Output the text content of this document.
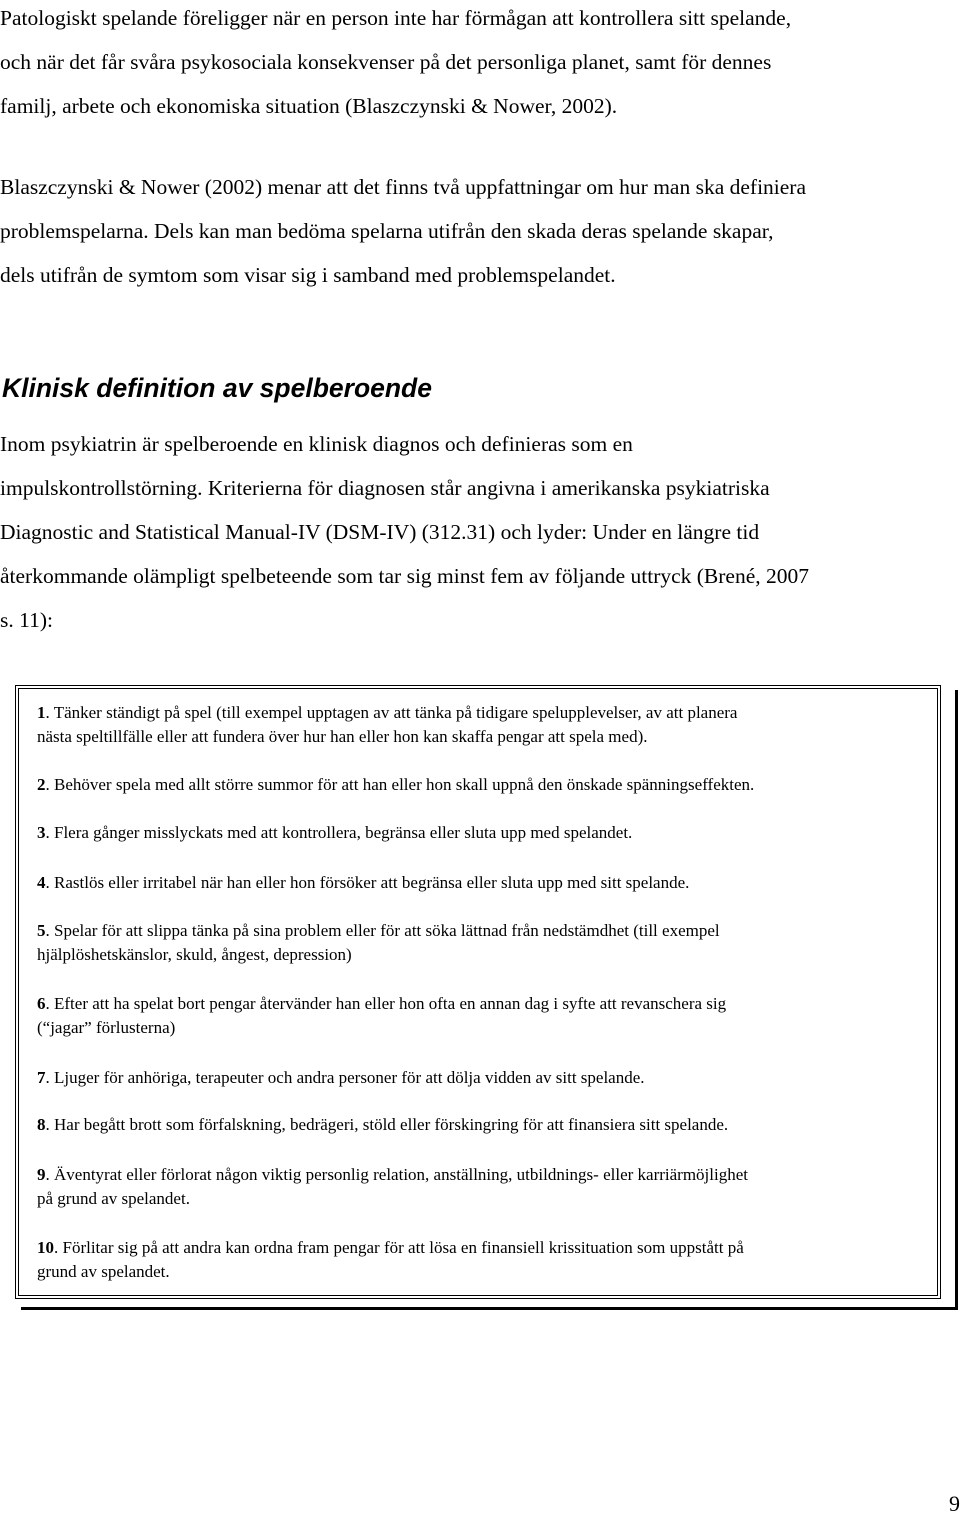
Patologiskt spelande föreligger när en person inte har förmågan att kontrollera sitt spelande,
och när det får svåra psykosociala konsekvenser på det personliga planet, samt för dennes
familj, arbete och ekonomiska situation (Blaszczynski & Nower, 2002).

Blaszczynski & Nower (2002) menar att det finns två uppfattningar om hur man ska definiera
problemspelarna. Dels kan man bedöma spelarna utifrån den skada deras spelande skapar,
dels utifrån de symtom som visar sig i samband med problemspelandet.

Klinisk definition av spelberoende

Inom psykiatrin är spelberoende en klinisk diagnos och definieras som en
impulskontrollstörning. Kriterierna för diagnosen står angivna i amerikanska psykiatriska
Diagnostic and Statistical Manual-IV (DSM-IV) (312.31) och lyder: Under en längre tid
återkommande olämpligt spelbeteende som tar sig minst fem av följande uttryck (Brené, 2007
s. 11):

1. Tänker ständigt på spel (till exempel upptagen av att tänka på tidigare spelupplevelser, av att planera
nästa speltillfälle eller att fundera över hur han eller hon kan skaffa pengar att spela med).

2. Behöver spela med allt större summor för att han eller hon skall uppnå den önskade spänningseffekten.

3. Flera gånger misslyckats med att kontrollera, begränsa eller sluta upp med spelandet.

4. Rastlös eller irritabel när han eller hon försöker att begränsa eller sluta upp med sitt spelande.

5. Spelar för att slippa tänka på sina problem eller för att söka lättnad från nedstämdhet (till exempel
hjälplöshetskänslor, skuld, ångest, depression)

6. Efter att ha spelat bort pengar återvänder han eller hon ofta en annan dag i syfte att revanschera sig
(“jagar” förlusterna)

7. Ljuger för anhöriga, terapeuter och andra personer för att dölja vidden av sitt spelande.

8. Har begått brott som förfalskning, bedrägeri, stöld eller förskingring för att finansiera sitt spelande.

9. Äventyrat eller förlorat någon viktig personlig relation, anställning, utbildnings- eller karriärmöjlighet
på grund av spelandet.

10. Förlitar sig på att andra kan ordna fram pengar för att lösa en finansiell krissituation som uppstått på
grund av spelandet.

9
